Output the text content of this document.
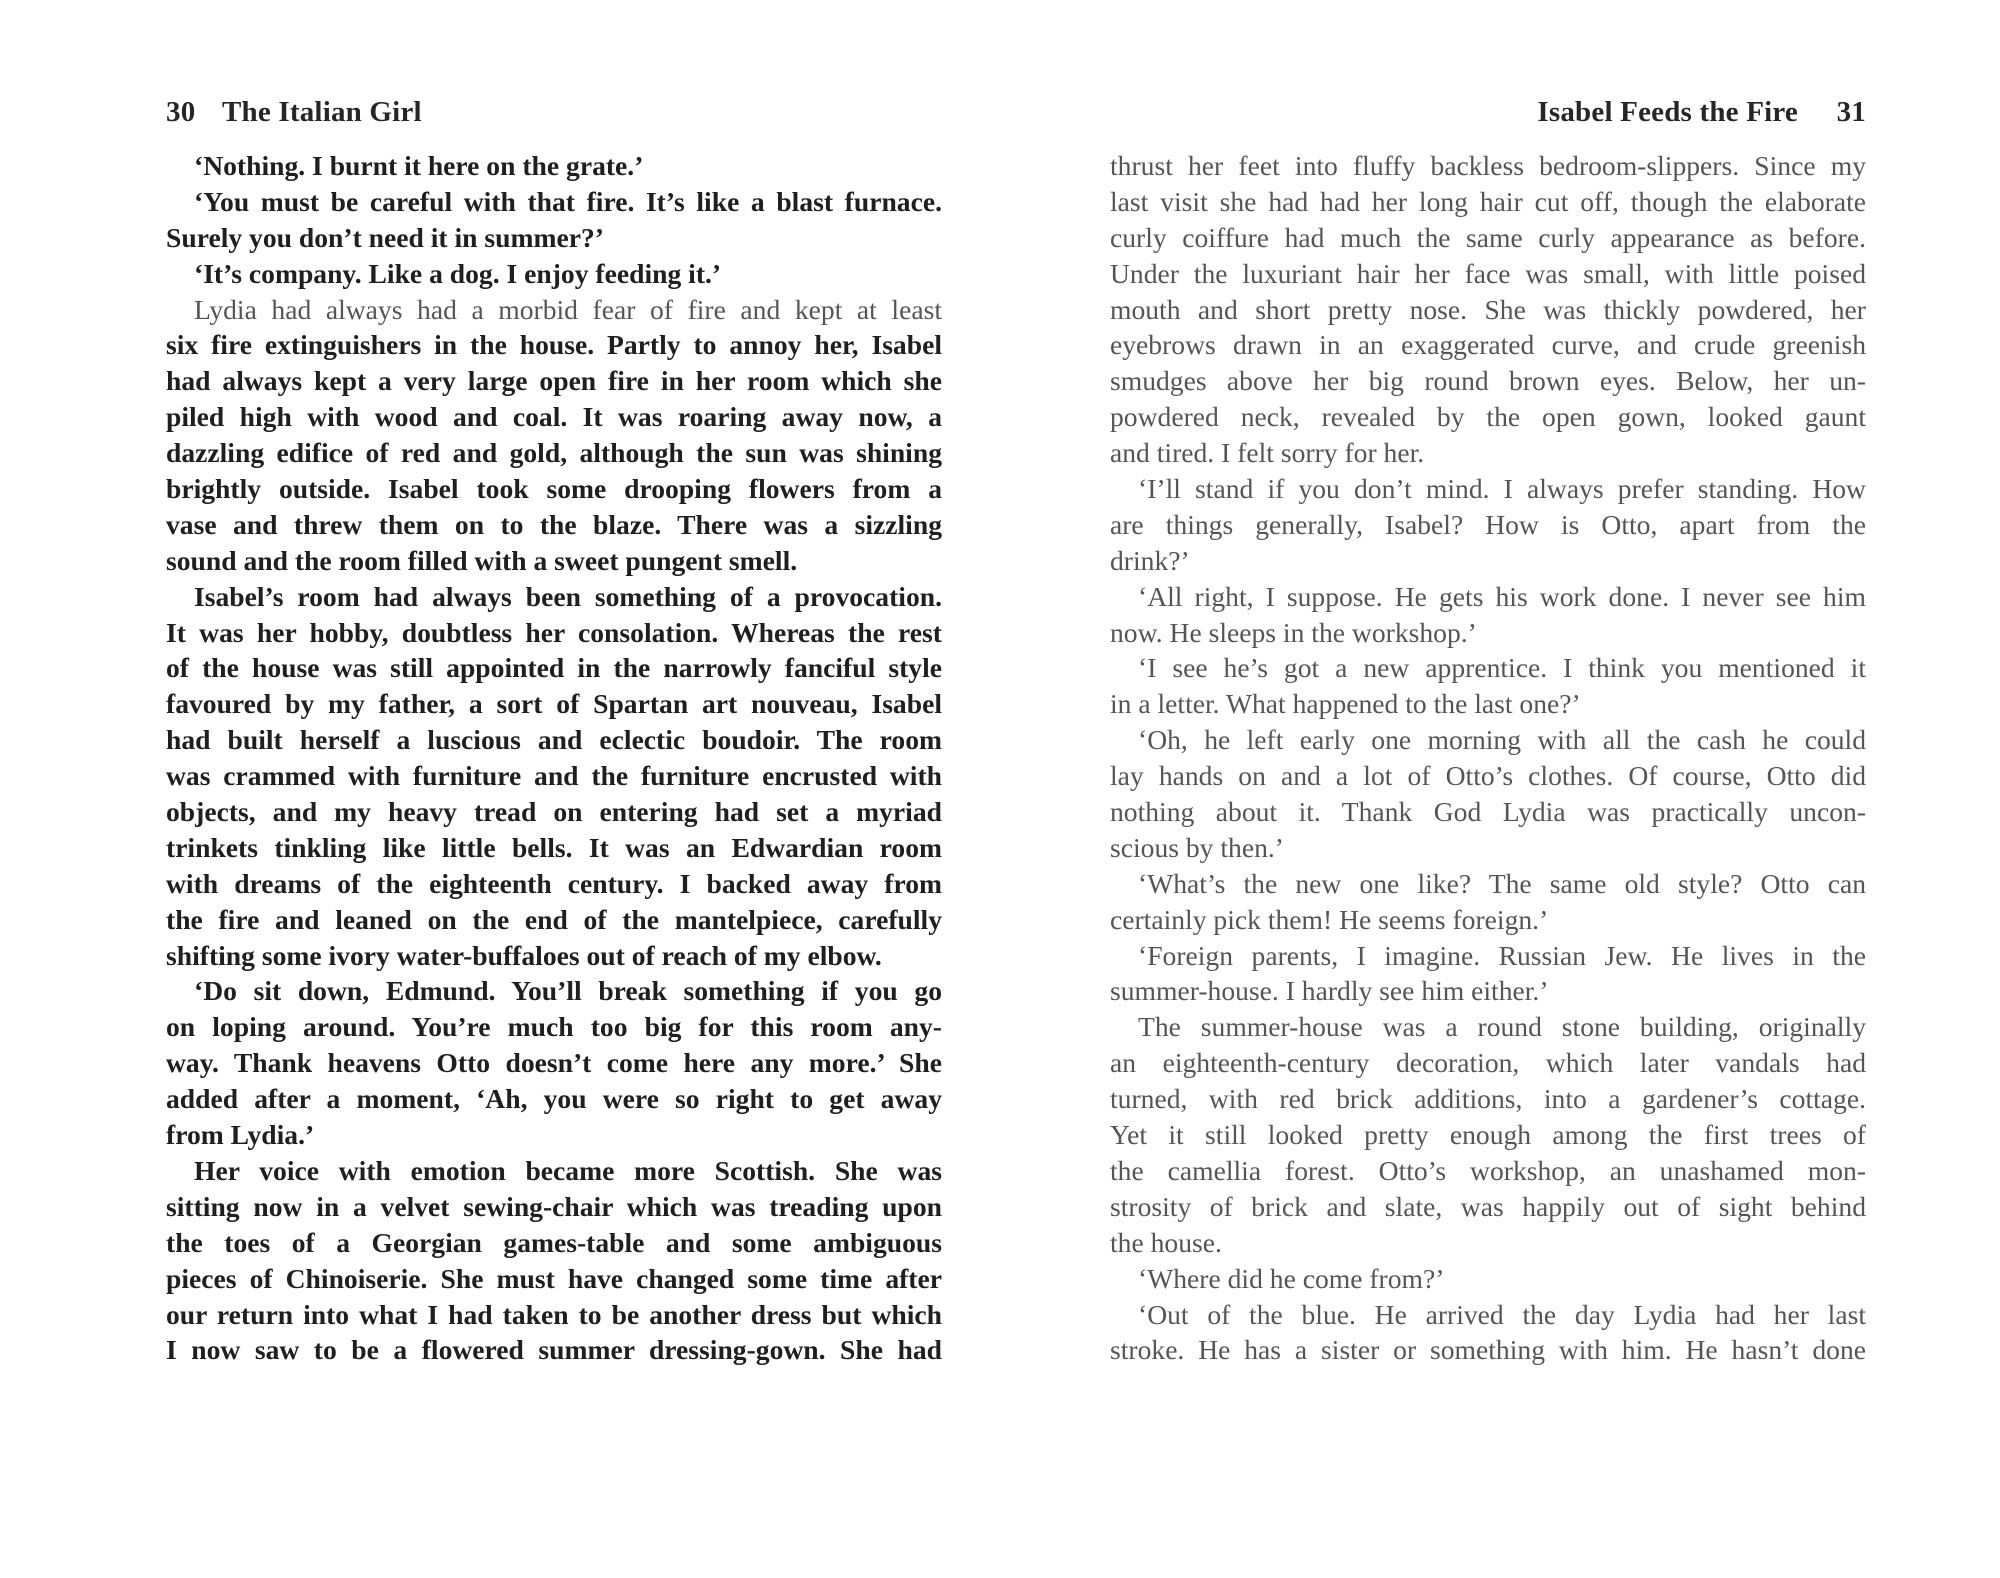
30 The Italian Girl
‘Nothing. I burnt it here on the grate.’
‘You must be careful with that fire. It’s like a blast furnace.
Surely you don’t need it in summer?’
‘It’s company. Like a dog. I enjoy feeding it.’
Lydia had always had a morbid fear of fire and kept at least
six fire extinguishers in the house. Partly to annoy her, Isabel
had always kept a very large open fire in her room which she
piled high with wood and coal. It was roaring away now, a
dazzling edifice of red and gold, although the sun was shining
brightly outside. Isabel took some drooping flowers from a
vase and threw them on to the blaze. There was a sizzling
sound and the room filled with a sweet pungent smell.
Isabel’s room had always been something of a provocation.
It was her hobby, doubtless her consolation. Whereas the rest
of the house was still appointed in the narrowly fanciful style
favoured by my father, a sort of Spartan art nouveau, Isabel
had built herself a luscious and eclectic boudoir. The room
was crammed with furniture and the furniture encrusted with
objects, and my heavy tread on entering had set a myriad
trinkets tinkling like little bells. It was an Edwardian room
with dreams of the eighteenth century. I backed away from
the fire and leaned on the end of the mantelpiece, carefully
shifting some ivory water-buffaloes out of reach of my elbow.
‘Do sit down, Edmund. You’ll break something if you go
on loping around. You’re much too big for this room any-
way. Thank heavens Otto doesn’t come here any more.’ She
added after a moment, ‘Ah, you were so right to get away
from Lydia.’
Her voice with emotion became more Scottish. She was
sitting now in a velvet sewing-chair which was treading upon
the toes of a Georgian games-table and some ambiguous
pieces of Chinoiserie. She must have changed some time after
our return into what I had taken to be another dress but which
I now saw to be a flowered summer dressing-gown. She had
Isabel Feeds the Fire 31
thrust her feet into fluffy backless bedroom-slippers. Since my
last visit she had had her long hair cut off, though the elaborate
curly coiffure had much the same curly appearance as before.
Under the luxuriant hair her face was small, with little poised
mouth and short pretty nose. She was thickly powdered, her
eyebrows drawn in an exaggerated curve, and crude greenish
smudges above her big round brown eyes. Below, her un-
powdered neck, revealed by the open gown, looked gaunt
and tired. I felt sorry for her.
‘I’ll stand if you don’t mind. I always prefer standing. How
are things generally, Isabel? How is Otto, apart from the
drink?’
‘All right, I suppose. He gets his work done. I never see him
now. He sleeps in the workshop.’
‘I see he’s got a new apprentice. I think you mentioned it
in a letter. What happened to the last one?’
‘Oh, he left early one morning with all the cash he could
lay hands on and a lot of Otto’s clothes. Of course, Otto did
nothing about it. Thank God Lydia was practically uncon-
scious by then.’
‘What’s the new one like? The same old style? Otto can
certainly pick them! He seems foreign.’
‘Foreign parents, I imagine. Russian Jew. He lives in the
summer-house. I hardly see him either.’
The summer-house was a round stone building, originally
an eighteenth-century decoration, which later vandals had
turned, with red brick additions, into a gardener’s cottage.
Yet it still looked pretty enough among the first trees of
the camellia forest. Otto’s workshop, an unashamed mon-
strosity of brick and slate, was happily out of sight behind
the house.
‘Where did he come from?’
‘Out of the blue. He arrived the day Lydia had her last
stroke. He has a sister or something with him. He hasn’t done
